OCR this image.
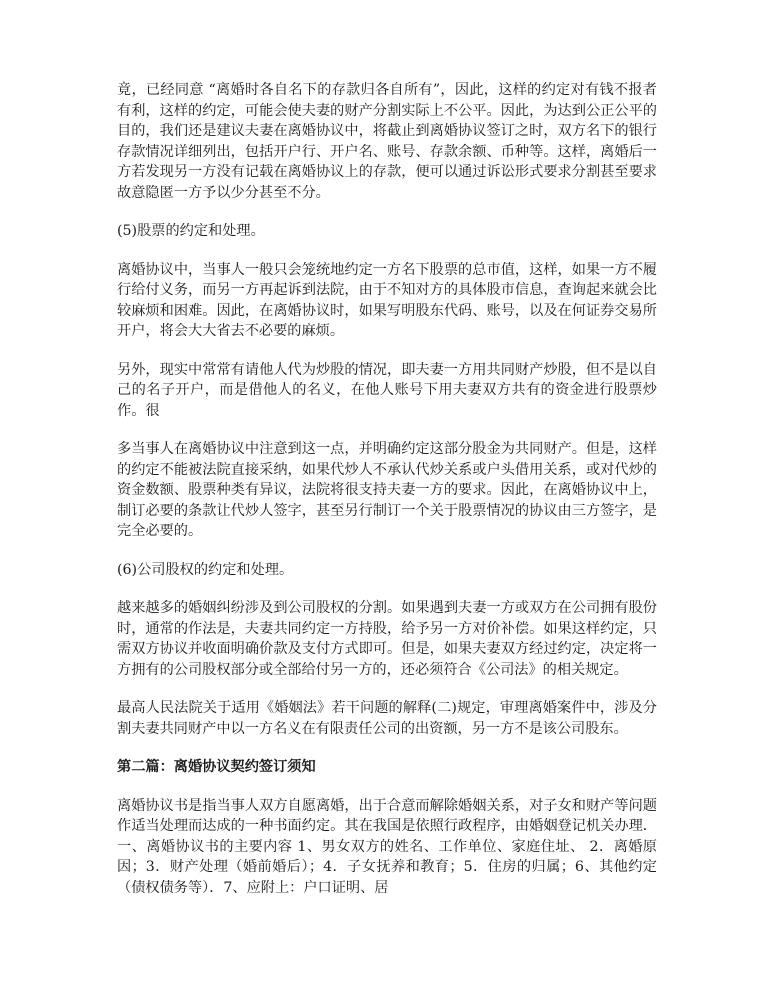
竟，已经同意 “离婚时各自名下的存款归各自所有”，因此，这样的约定对有钱不报者有利，这样的约定，可能会使夫妻的财产分割实际上不公平。因此，为达到公正公平的目的，我们还是建议夫妻在离婚协议中，将截止到离婚协议签订之时，双方名下的银行存款情况详细列出，包括开户行、开户名、账号、存款余额、币种等。这样，离婚后一方若发现另一方没有记载在离婚协议上的存款，便可以通过诉讼形式要求分割甚至要求故意隐匿一方予以少分甚至不分。

(5)股票的约定和处理。

离婚协议中，当事人一般只会笼统地约定一方名下股票的总市值，这样，如果一方不履行给付义务，而另一方再起诉到法院，由于不知对方的具体股市信息，查询起来就会比较麻烦和困难。因此，在离婚协议时，如果写明股东代码、账号，以及在何证券交易所开户，将会大大省去不必要的麻烦。

另外，现实中常常有请他人代为炒股的情况，即夫妻一方用共同财产炒股，但不是以自己的名子开户，而是借他人的名义，在他人账号下用夫妻双方共有的资金进行股票炒作。很

多当事人在离婚协议中注意到这一点，并明确约定这部分股金为共同财产。但是，这样的约定不能被法院直接采纳，如果代炒人不承认代炒关系或户头借用关系，或对代炒的资金数额、股票种类有异议，法院将很支持夫妻一方的要求。因此，在离婚协议中上，制订必要的条款让代炒人签字，甚至另行制订一个关于股票情况的协议由三方签字，是完全必要的。

(6)公司股权的约定和处理。

越来越多的婚姻纠纷涉及到公司股权的分割。如果遇到夫妻一方或双方在公司拥有股份时，通常的作法是，夫妻共同约定一方持股，给予另一方对价补偿。如果这样约定，只需双方协议并收面明确价款及支付方式即可。但是，如果夫妻双方经过约定，决定将一方拥有的公司股权部分或全部给付另一方的，还必须符合《公司法》的相关规定。

最高人民法院关于适用《婚姻法》若干问题的解释(二)规定，审理离婚案件中，涉及分割夫妻共同财产中以一方名义在有限责任公司的出资额，另一方不是该公司股东。

第二篇：离婚协议契约签订须知

离婚协议书是指当事人双方自愿离婚，出于合意而解除婚姻关系，对子女和财产等问题作适当处理而达成的一种书面约定。其在我国是依照行政程序，由婚姻登记机关办理．一、离婚协议书的主要内容 1、男女双方的姓名、工作单位、家庭住址、 2．离婚原因；3．财产处理（婚前婚后）；4．子女抚养和教育；5．住房的归属；6、其他约定（债权债务等）．7、应附上：户口证明、居
